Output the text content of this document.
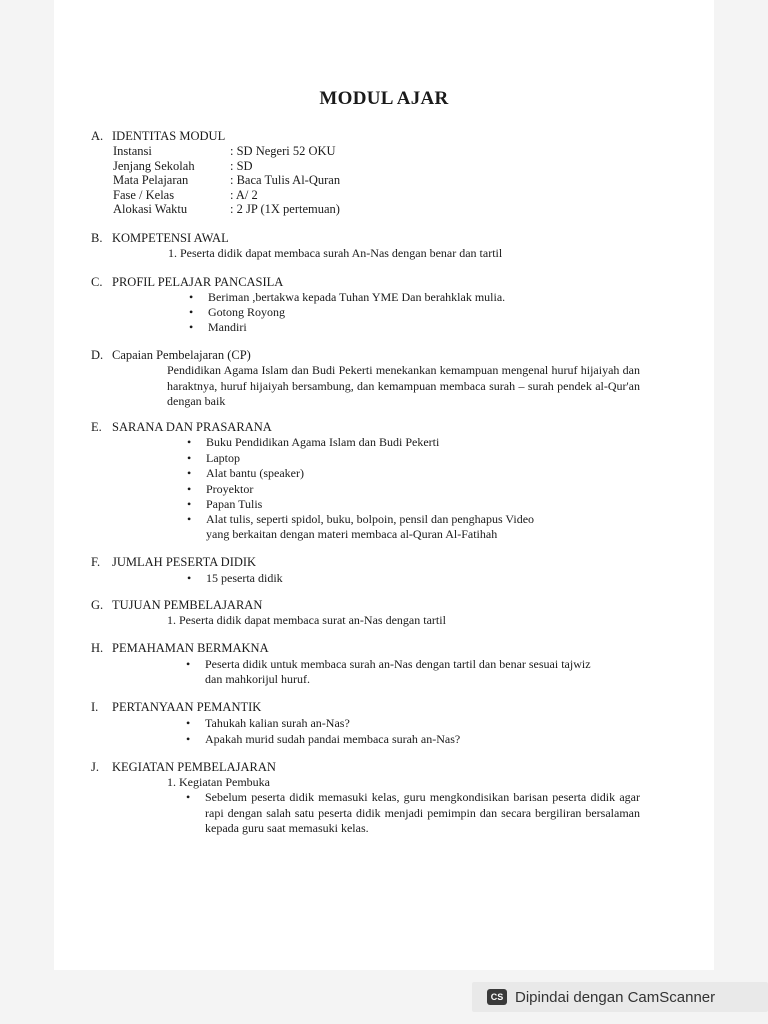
MODUL AJAR
A. IDENTITAS MODUL
Instansi	: SD Negeri 52 OKU
Jenjang Sekolah	: SD
Mata Pelajaran	: Baca Tulis Al-Quran
Fase / Kelas	: A/ 2
Alokasi Waktu	: 2 JP (1X pertemuan)
B. KOMPETENSI AWAL
1. Peserta didik dapat membaca surah An-Nas dengan benar dan tartil
C. PROFIL PELAJAR PANCASILA
• Beriman ,bertakwa kepada Tuhan YME Dan berahklak mulia.
• Gotong Royong
• Mandiri
D. Capaian Pembelajaran (CP)
Pendidikan Agama Islam dan Budi Pekerti menekankan kemampuan mengenal huruf hijaiyah dan haraktnya, huruf hijaiyah bersambung, dan kemampuan membaca surah – surah pendek al-Qur'an dengan baik
E. SARANA DAN PRASARANA
• Buku Pendidikan Agama Islam dan Budi Pekerti
• Laptop
• Alat bantu (speaker)
• Proyektor
• Papan Tulis
• Alat tulis, seperti spidol, buku, bolpoin, pensil dan penghapus Video
yang berkaitan dengan materi membaca al-Quran Al-Fatihah
F. JUMLAH PESERTA DIDIK
• 15 peserta didik
G. TUJUAN PEMBELAJARAN
1. Peserta didik dapat membaca surat an-Nas dengan tartil
H. PEMAHAMAN BERMAKNA
• Peserta didik untuk membaca surah an-Nas dengan tartil dan benar sesuai tajwiz
dan mahkorijul huruf.
I. PERTANYAAN PEMANTIK
• Tahukah kalian surah an-Nas?
• Apakah murid sudah pandai membaca surah an-Nas?
J. KEGIATAN PEMBELAJARAN
1. Kegiatan Pembuka
• Sebelum peserta didik memasuki kelas, guru mengkondisikan barisan peserta didik agar rapi dengan salah satu peserta didik menjadi pemimpin dan secara bergiliran bersalaman kepada guru saat memasuki kelas.
CS Dipindai dengan CamScanner
